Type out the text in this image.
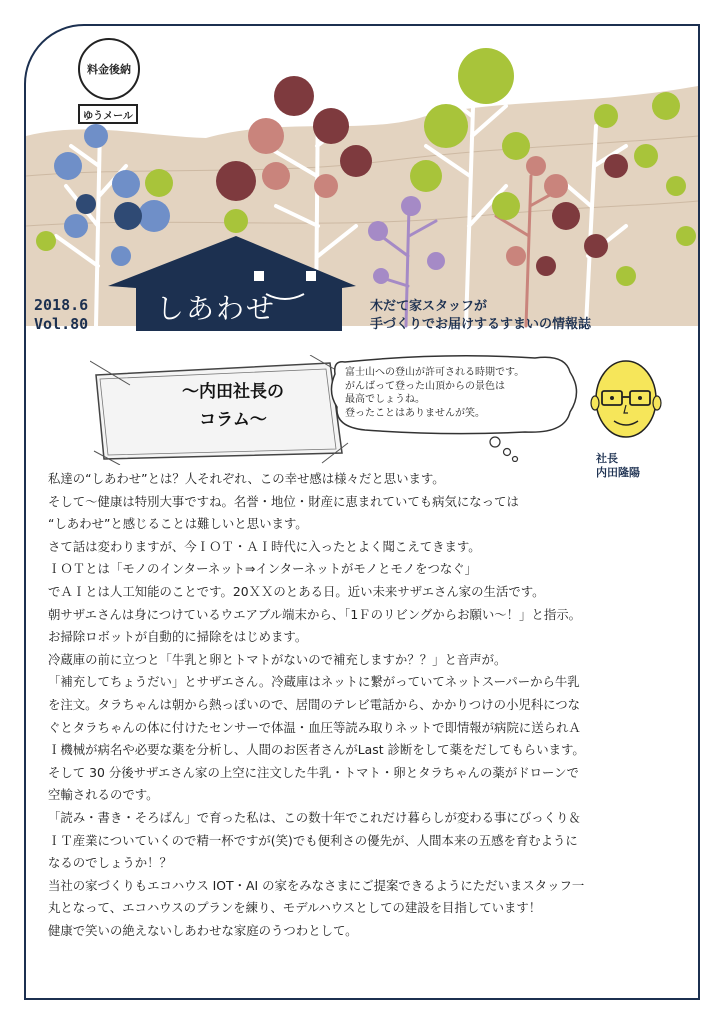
料金後納
ゆうメール
しあわせ
2018.6
Vol.80
木だて家スタッフが
手づくりでお届けするすまいの情報誌
～内田社長の
コラム～
富士山への登山が許可される時期です。
がんばって登った山頂からの景色は
最高でしょうね。
登ったことはありませんが笑。
社長
内田隆陽

私達の“しあわせ”とは？人それぞれ、この幸せ感は様々だと思います。

そして～健康は特別大事ですね。名誉・地位・財産に恵まれていても病気になっては

“しあわせ”と感じることは難しいと思います。

さて話は変わりますが、今ＩＯＴ・ＡＩ時代に入ったとよく聞こえてきます。

ＩＯＴとは「モノのインターネット⇒インターネットがモノとモノをつなぐ」

でＡＩとは人工知能のことです。20ＸＸのとある日。近い未来サザエさん家の生活です。

朝サザエさんは身につけているウエアブル端末から、「1Ｆのリビングからお願い～！」と指示。

お掃除ロボットが自動的に掃除をはじめます。

冷蔵庫の前に立つと「牛乳と卵とトマトがないので補充しますか？？」と音声が。

「補充してちょうだい」とサザエさん。冷蔵庫はネットに繋がっていてネットスーパーから牛乳

を注文。タラちゃんは朝から熱っぽいので、居間のテレビ電話から、かかりつけの小児科につな

ぐとタラちゃんの体に付けたセンサーで体温・血圧等読み取りネットで即情報が病院に送られＡ

Ｉ機械が病名や必要な薬を分析し、人間のお医者さんがLast 診断をして薬をだしてもらいます。

そして 30 分後サザエさん家の上空に注文した牛乳・トマト・卵とタラちゃんの薬がドローンで

空輸されるのです。

「読み・書き・そろばん」で育った私は、この数十年でこれだけ暮らしが変わる事にびっくり＆

ＩＴ産業についていくので精一杯ですが(笑)でも便利さの優先が、人間本来の五感を育むように

なるのでしょうか！？

当社の家づくりもエコハウス IOT・AI の家をみなさまにご提案できるようにただいまスタッフ一

丸となって、エコハウスのプランを練り、モデルハウスとしての建設を目指しています！

健康で笑いの絶えないしあわせな家庭のうつわとして。
